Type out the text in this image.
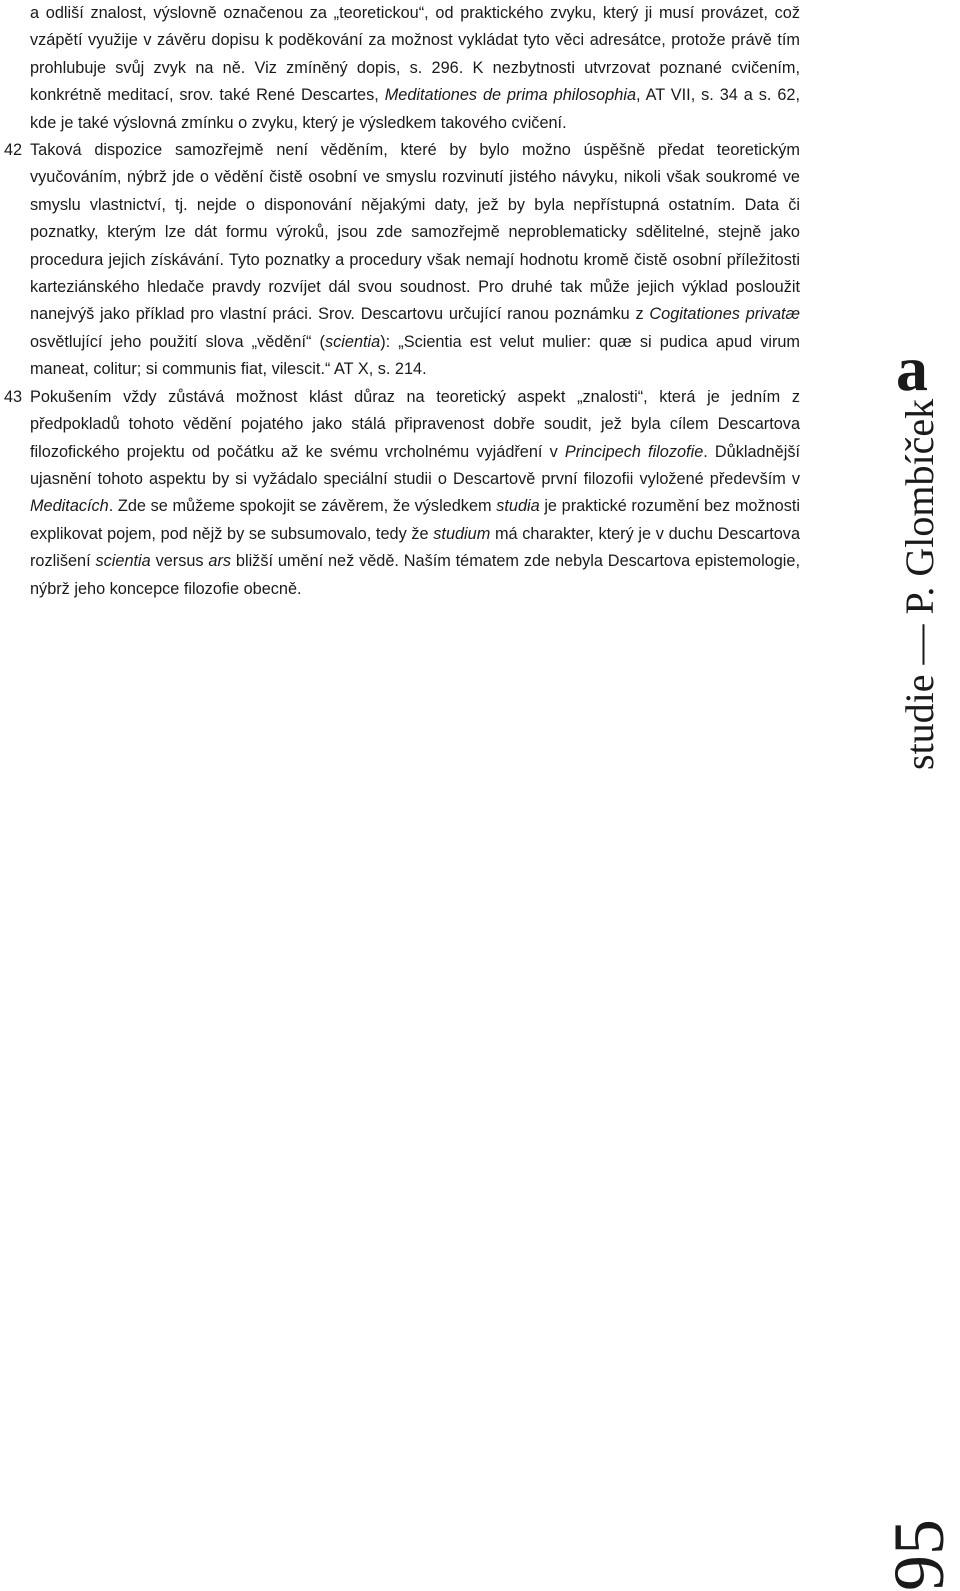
a odliší znalost, výslovně označenou za „teoretickou“, od praktického zvyku, který ji musí provázet, což vzápětí využije v závěru dopisu k poděkování za možnost vykládat tyto věci adresátce, protože právě tím prohlubuje svůj zvyk na ně. Viz zmíněný dopis, s. 296. K nezbytnosti utvrzovat poznané cvičením, konkrétně meditací, srov. také René Descartes, Meditationes de prima philosophia, AT VII, s. 34 a s. 62, kde je také výslovná zmínku o zvyku, který je výsledkem takového cvičení.

42 Taková dispozice samozřejmě není věděním, které by bylo možno úspěšně předat teoretickým vyučováním, nýbrž jde o vědění čistě osobní ve smyslu rozvinutí jistého návyku, nikoli však soukromé ve smyslu vlastnictví, tj. nejde o disponování nějakými daty, jež by byla nepřístupná ostatním. Data či poznatky, kterým lze dát formu výroků, jsou zde samozřejmě neproblematicky sdělitelné, stejně jako procedura jejich získávání. Tyto poznatky a procedury však nemají hodnotu kromě čistě osobní příležitosti karteziánského hledače pravdy rozvíjet dál svou soudnost. Pro druhé tak může jejich výklad posloužit nanejvýš jako příklad pro vlastní práci. Srov. Descartovu určující ranou poznámku z Cogitationes privatæ osvětlující jeho použití slova „vědění“ (scientia): „Scientia est velut mulier: quæ si pudica apud virum maneat, colitur; si communis fiat, vilescit.“ AT X, s. 214.

43 Pokušením vždy zůstává možnost klást důraz na teoretický aspekt „znalosti“, která je jedním z předpokladů tohoto vědění pojatého jako stálá připravenost dobře soudit, jež byla cílem Descartova filozofického projektu od počátku až ke svému vrcholnému vyjádření v Principech filozofie. Důkladnější ujasnění tohoto aspektu by si vyžádalo speciální studii o Descartově první filozofii vyložené především v Meditacích. Zde se můžeme spokojit se závěrem, že výsledkem studia je praktické rozumění bez možnosti explikovat pojem, pod nějž by se subsumovalo, tedy že studium má charakter, který je v duchu Descartova rozlišení scientia versus ars bližší umění než vědě. Naším tématem zde nebyla Descartova epistemologie, nýbrž jeho koncepce filozofie obecně.	studie — P. Glombíčeka
95
